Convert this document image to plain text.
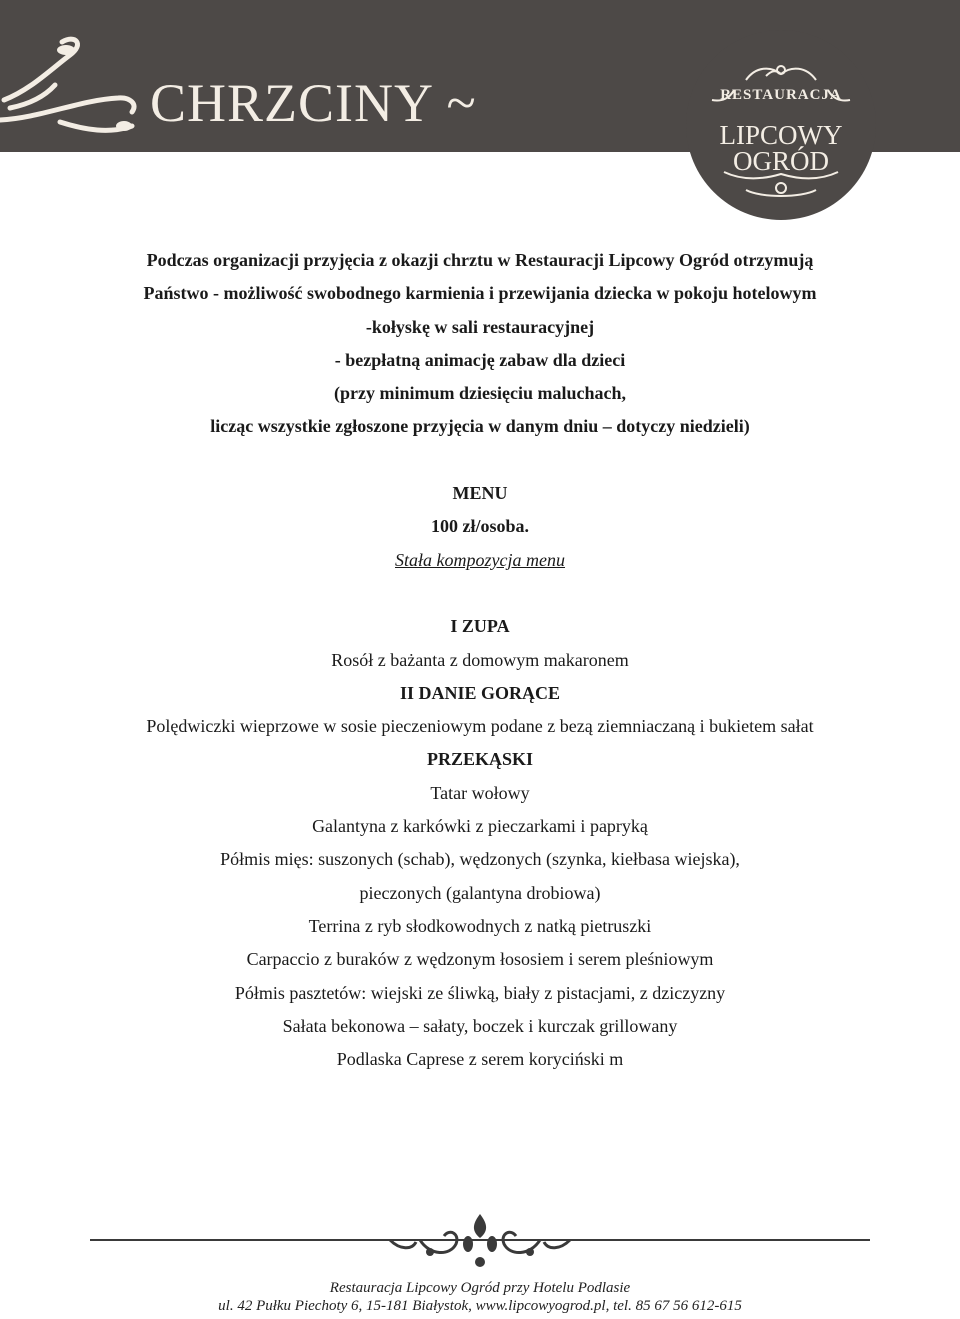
CHRZCINY ~	RESTAURACJA
LIPCOWY
OGRÓD
Podczas organizacji przyjęcia z okazji chrztu w Restauracji Lipcowy Ogród otrzymują
Państwo - możliwość swobodnego karmienia i przewijania dziecka w pokoju hotelowym
-kołyskę w sali restauracyjnej
- bezpłatną animację zabaw dla dzieci
(przy minimum dziesięciu maluchach,
licząc wszystkie zgłoszone przyjęcia w danym dniu – dotyczy niedzieli)
MENU
100 zł/osoba.
Stała kompozycja menu
I ZUPA
Rosół z bażanta z domowym makaronem
II DANIE GORĄCE
Polędwiczki wieprzowe w sosie pieczeniowym podane z bezą ziemniaczaną i bukietem sałat
PRZEKĄSKI
Tatar wołowy
Galantyna z karkówki z pieczarkami i papryką
Półmis mięs: suszonych (schab), wędzonych (szynka, kiełbasa wiejska),
pieczonych (galantyna drobiowa)
Terrina z ryb słodkowodnych z natką pietruszki
Carpaccio z buraków z wędzonym łososiem i serem pleśniowym
Półmis pasztetów: wiejski ze śliwką, biały z pistacjami, z dziczyzny
Sałata bekonowa – sałaty, boczek i kurczak grillowany
Podlaska Caprese z serem koryciński m
Restauracja Lipcowy Ogród przy Hotelu Podlasie
ul. 42 Pułku Piechoty 6, 15-181 Białystok, www.lipcowyogrod.pl, tel. 85 67 56 612-615
